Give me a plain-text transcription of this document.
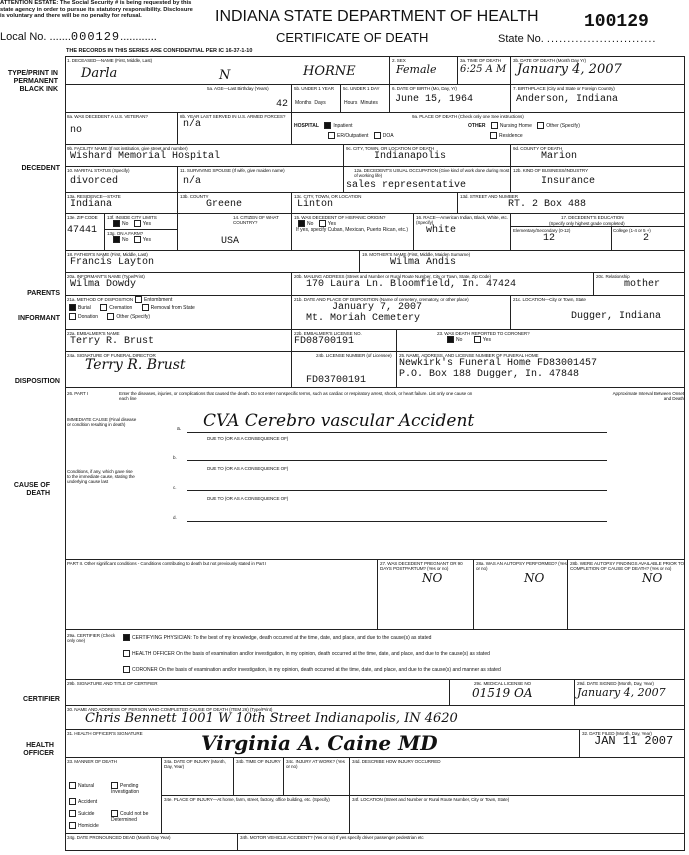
ATTENTION ESTATE: The Social Security # is being requested by this state agency in order to pursue its statutory responsibility. Disclosure is voluntary and there will be no penalty for refusal.
Local No. .......000129............
INDIANA STATE DEPARTMENT OF HEALTH
CERTIFICATE OF DEATH	State No. ...........................
100129
THE RECORDS IN THIS SERIES ARE CONFIDENTIAL PER IC 16-37-1-10
TYPE/PRINT IN PERMANENT BLACK INK
DECEDENT
PARENTS
INFORMANT
DISPOSITION
CAUSE OF DEATH
CERTIFIER
HEALTH OFFICER
1. DECEASED—NAME (First, Middle, Last)
Darla	N	HORNE
2. SEX
Female
3a. TIME OF DEATH
6:25 A M
3b. DATE OF DEATH (Month Day Yr)
January 4, 2007
5a. AGE—Last Birthday (Years)
42
5b. UNDER 1 YEAR
Months Days
5c. UNDER 1 DAY
Hours Minutes
6. DATE OF BIRTH (Mo, Day, Yr)
June 15, 1964
7. BIRTHPLACE (City and State or Foreign Country)
Anderson, Indiana
8a. WAS DECEDENT A U.S. VETERAN?
no
8b. YEAR LAST SERVED IN U.S. ARMED FORCES?
n/a
9a. PLACE OF DEATH (Check only one See instructions)
HOSPITAL	Inpatient
ER/Outpatient	DOA
OTHER	Nursing Home	Other (Specify)
Residence
9b. FACILITY NAME (If not institution, give street and number)
Wishard Memorial Hospital
9c. CITY, TOWN, OR LOCATION OF DEATH
Indianapolis
9d. COUNTY OF DEATH
Marion
10. MARITAL STATUS (Specify)
divorced
11. SURVIVING SPOUSE (If wife, give maiden name)
n/a
12a. DECEDENT'S USUAL OCCUPATION (Give kind of work done during most of working life)
sales representative
12b. KIND OF BUSINESS/INDUSTRY
Insurance
13a. RESIDENCE—STATE
Indiana
13b. COUNTY
Greene
13c. CITY, TOWN, OR LOCATION
Linton
13d. STREET AND NUMBER
RT. 2 Box 488
13e. ZIP CODE
47441
13f. INSIDE CITY LIMITS
No	Yes
13g. ON A FARM?
No	Yes
14. CITIZEN OF WHAT COUNTRY?
USA
15. WAS DECEDENT OF HISPANIC ORIGIN?
No	Yes
If yes, specify Cuban, Mexican, Puerto Rican, etc.)
16. RACE—American Indian, Black, White, etc. (Specify)
white
17. DECEDENT'S EDUCATION
(Specify only highest grade completed)
Elementary/Secondary (0-12)
12
College (1-4 or 5 +)
2
18. FATHER'S NAME (First, Middle, Last)
Francis Layton
19. MOTHER'S NAME (First, Middle, Maiden Surname)
Wilma Andis
20a. INFORMANT'S NAME (Type/Print)
Wilma Dowdy
20b. MAILING ADDRESS (Street and Number or Rural Route Number, City or Town, State, Zip Code)
170 Laura Ln. Bloomfield, In. 47424
20c. Relationship
mother
21a. METHOD OF DISPOSITION
Burial	Cremation	Removal from State
Donation	Other (Specify)
Entombment	21b. DATE AND PLACE OF DISPOSITION (Name of cemetery, crematory, or other place)
January 7, 2007
Mt. Moriah Cemetery
21c. LOCATION—City or Town, State
Dugger, Indiana
22a. EMBALMER'S NAME
Terry R. Brust
22b. EMBALMER'S LICENSE NO.
FD08700191
23. WAS DEATH REPORTED TO CORONER?
No	Yes
24a. SIGNATURE OF FUNERAL DIRECTOR
Terry R. Brust
24b. LICENSE NUMBER (of Licensee)
FD03700191
25. NAME, ADDRESS, AND LICENSE NUMBER OF FUNERAL HOME
Newkirk's Funeral Home FD83001457
P.O. Box 188 Dugger, In. 47848
26. PART I	Enter the diseases, injuries, or complications that caused the death. Do not enter nonspecific terms, such as cardiac or respiratory arrest, shock, or heart failure. List only one cause on each line
Approximate Interval Between Onset and Death
IMMEDIATE CAUSE (Final disease or condition resulting in death)
a.	CVA Cerebro vascular Accident
b.
DUE TO (OR AS A CONSEQUENCE OF)
Conditions, if any, which gave rise to the immediate cause, stating the underlying cause last
c.
DUE TO (OR AS A CONSEQUENCE OF)
d.
DUE TO (OR AS A CONSEQUENCE OF)
PART II. Other significant conditions - Conditions contributing to death but not previously stated in Part I	27. WAS DECEDENT PREGNANT OR 90 DAYS POSTPARTUM? (Yes or no)
NO
28a. WAS AN AUTOPSY PERFORMED? (Yes or no)
NO
28b. WERE AUTOPSY FINDINGS AVAILABLE PRIOR TO COMPLETION OF CAUSE OF DEATH? (Yes or no)
NO
29a. CERTIFIER (Check only one)	CERTIFYING PHYSICIAN: To the best of my knowledge, death occurred at the time, date, and place, and due to the cause(s) as stated
HEALTH OFFICER On the basis of examination and/or investigation, in my opinion, death occurred at the time, date, and place, and due to the cause(s) as stated
CORONER On the basis of examination and/or investigation, in my opinion, death occurred at the time, date, and place, and due to the cause(s) and manner as stated
29b. SIGNATURE AND TITLE OF CERTIFIER	29c. MEDICAL LICENSE NO
01519 OA
29d. DATE SIGNED (Month, Day, Year)
January 4, 2007
30. NAME AND ADDRESS OF PERSON WHO COMPLETED CAUSE OF DEATH (ITEM 26) (Type/Print)
Chris Bennett 1001 W 10th Street Indianapolis, IN 4620
31. HEALTH OFFICER'S SIGNATURE	Virginia A. Caine MD	32. DATE FILED (Month, Day, Year)
JAN 11 2007
33. MANNER OF DEATH
Natural	Pending Investigation
Accident
Suicide	Could not be Determined
Homicide
34a. DATE OF INJURY (Month, Day, Year)
34b. TIME OF INJURY	34c. INJURY AT WORK? (Yes or no)
34d. DESCRIBE HOW INJURY OCCURRED
34e. PLACE OF INJURY—At home, farm, street, factory, office building, etc. (Specify)	34f. LOCATION (Street and Number or Rural Route Number, City or Town, State)
34g. DATE PRONOUNCED DEAD (Month Day Year)	34h. MOTOR VEHICLE ACCIDENT? (Yes or no) If yes specify driver passenger pedestrian etc
